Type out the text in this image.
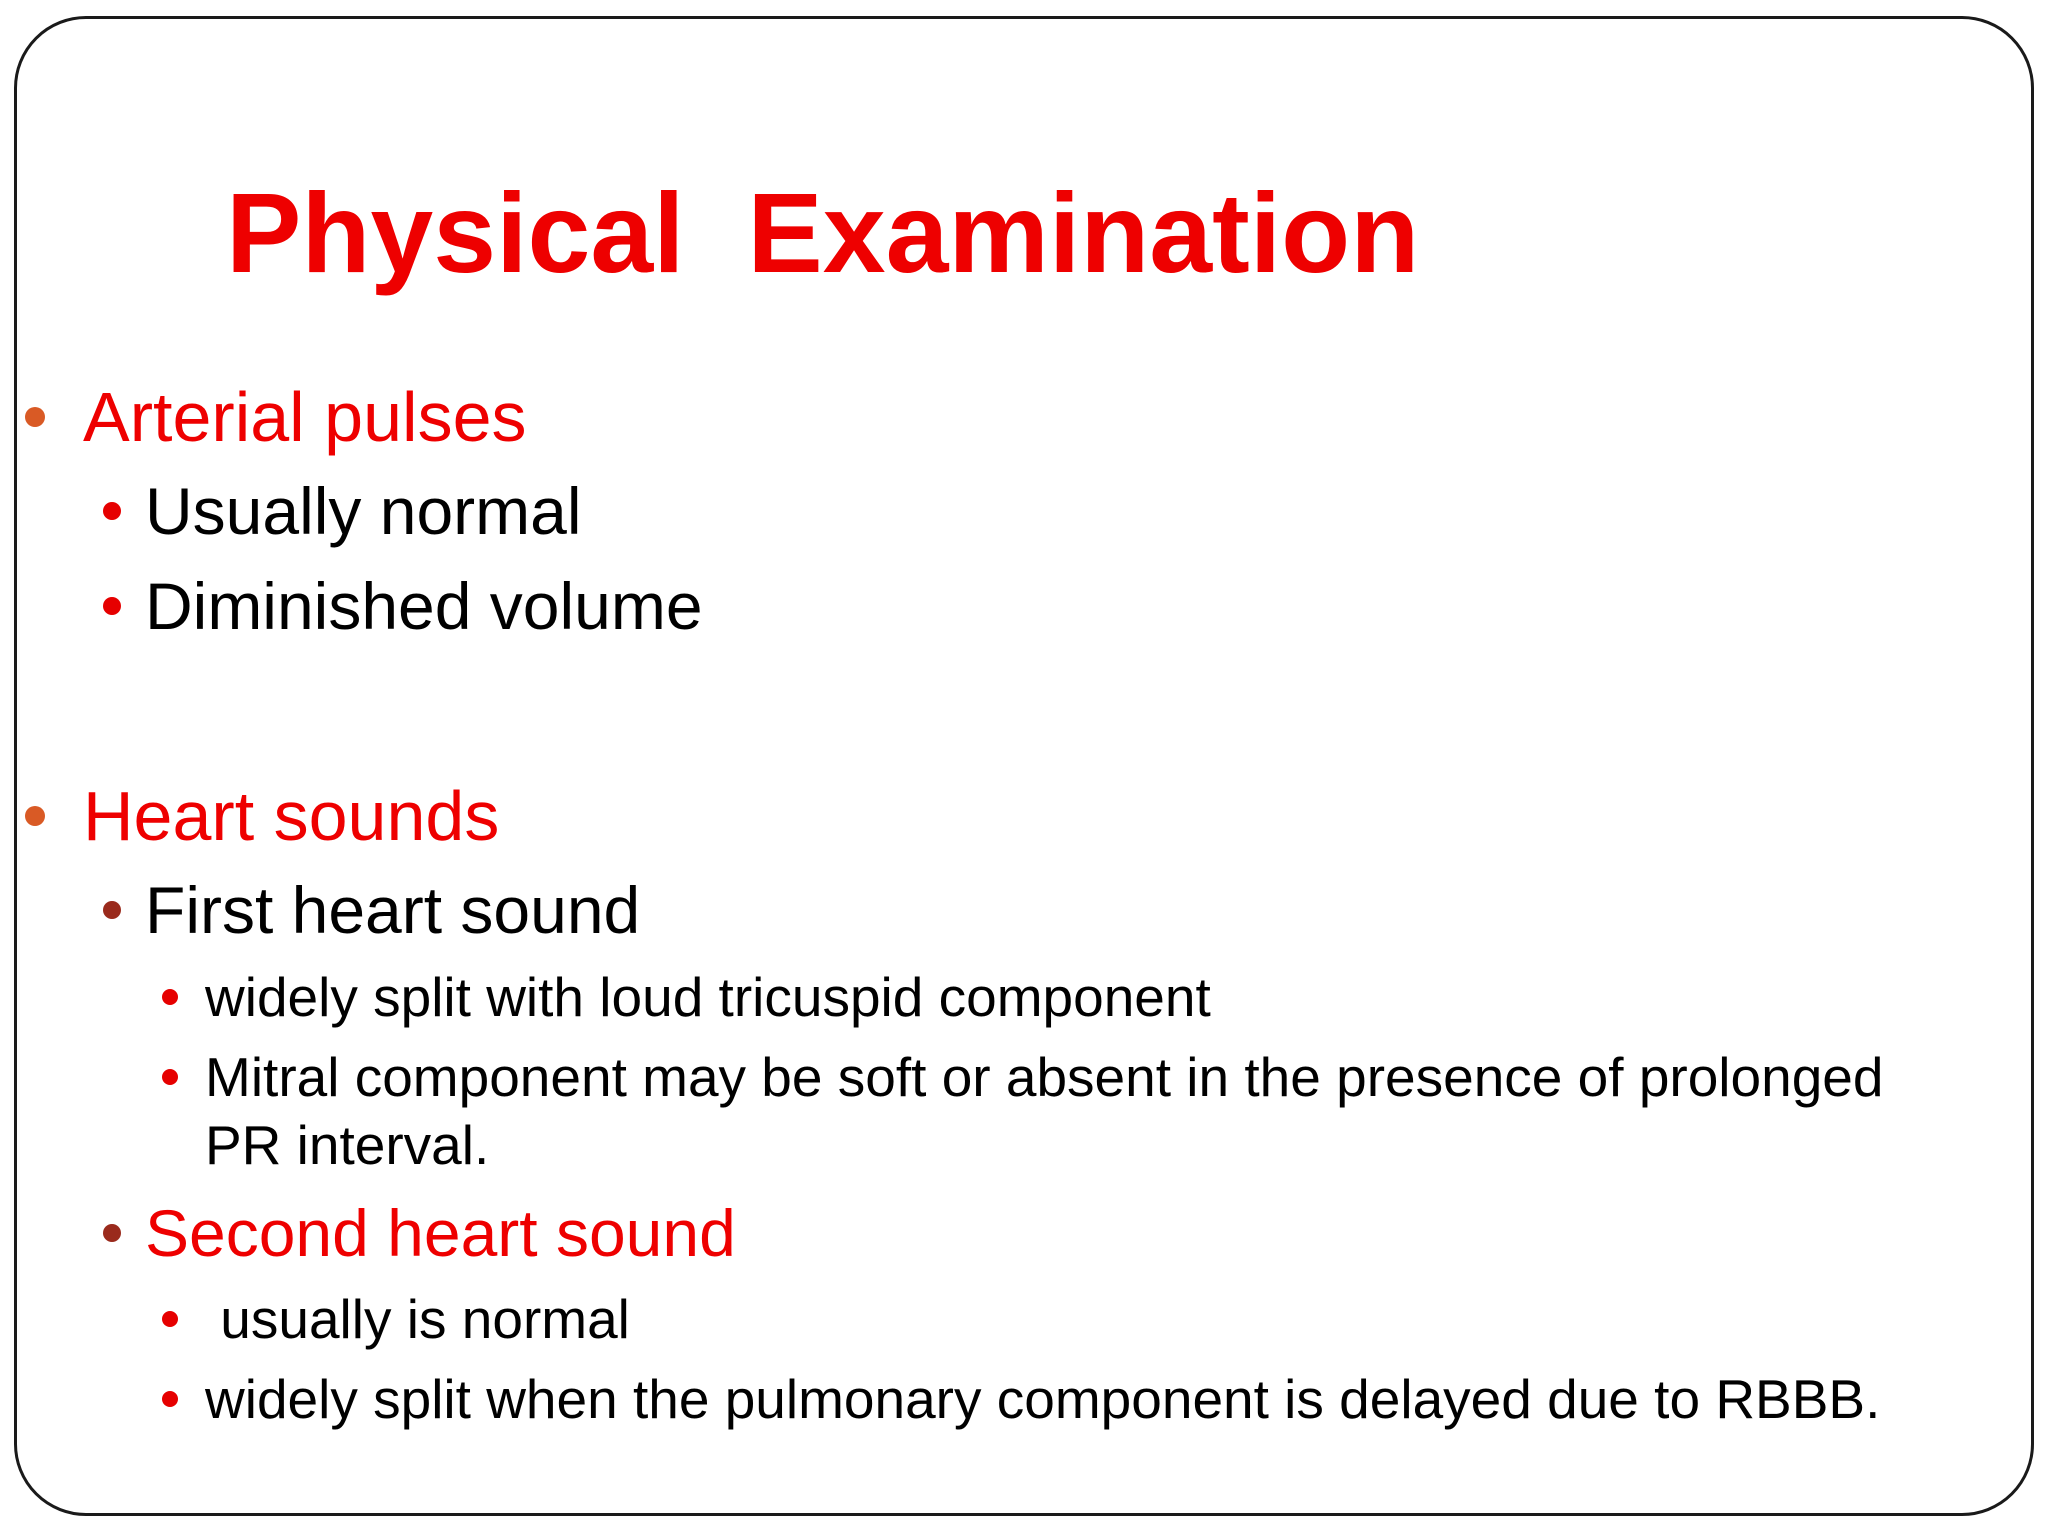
Physical  Examination
Arterial pulses
Usually normal
Diminished volume
Heart sounds
First heart sound
widely split with loud tricuspid component
Mitral component may be soft or absent in the presence of prolonged
PR interval.
Second heart sound
usually is normal
widely split when the pulmonary component is delayed due to RBBB.
